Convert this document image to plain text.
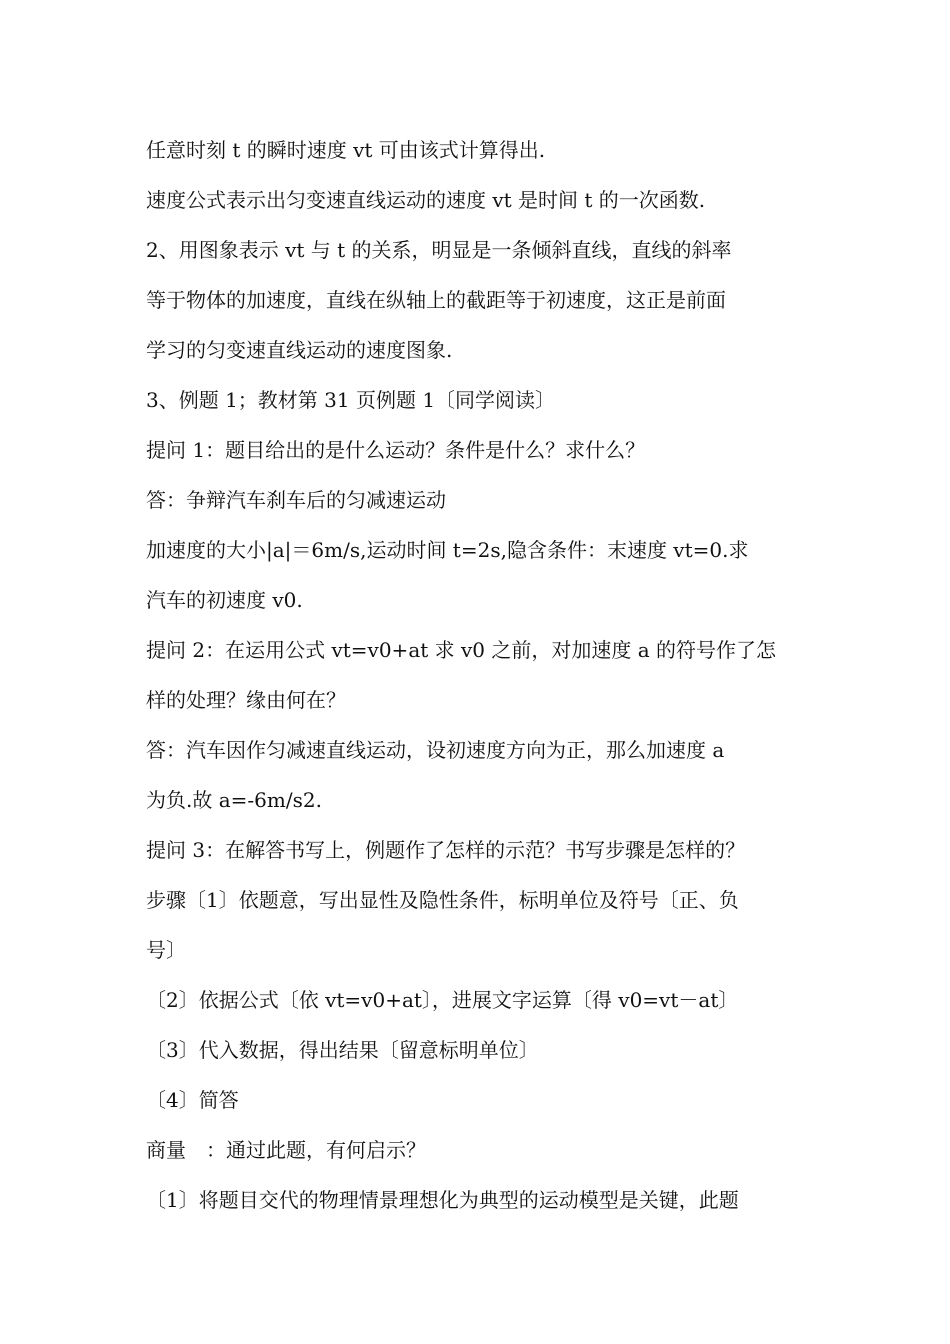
任意时刻 t 的瞬时速度 vt 可由该式计算得出.
速度公式表示出匀变速直线运动的速度 vt 是时间 t 的一次函数.
2、用图象表示 vt 与 t 的关系，明显是一条倾斜直线，直线的斜率
等于物体的加速度，直线在纵轴上的截距等于初速度，这正是前面
学习的匀变速直线运动的速度图象.
3、例题 1；教材第 31 页例题 1〔同学阅读〕
提问 1：题目给出的是什么运动？条件是什么？求什么？
答：争辩汽车刹车后的匀减速运动
加速度的大小|a|＝6m/s,运动时间 t=2s,隐含条件：末速度 vt=0.求
汽车的初速度 v0.
提问 2：在运用公式 vt=v0+at 求 v0 之前，对加速度 a 的符号作了怎
样的处理？缘由何在？
答：汽车因作匀减速直线运动，设初速度方向为正，那么加速度 a
为负.故 a=-6m/s2.
提问 3：在解答书写上，例题作了怎样的示范？书写步骤是怎样的？
步骤〔1〕依题意，写出显性及隐性条件，标明单位及符号〔正、负
号〕
〔2〕依据公式〔依 vt=v0+at〕，进展文字运算〔得 v0=vt－at〕
〔3〕代入数据，得出结果〔留意标明单位〕
〔4〕简答
商量　：通过此题，有何启示？
〔1〕将题目交代的物理情景理想化为典型的运动模型是关键，此题
